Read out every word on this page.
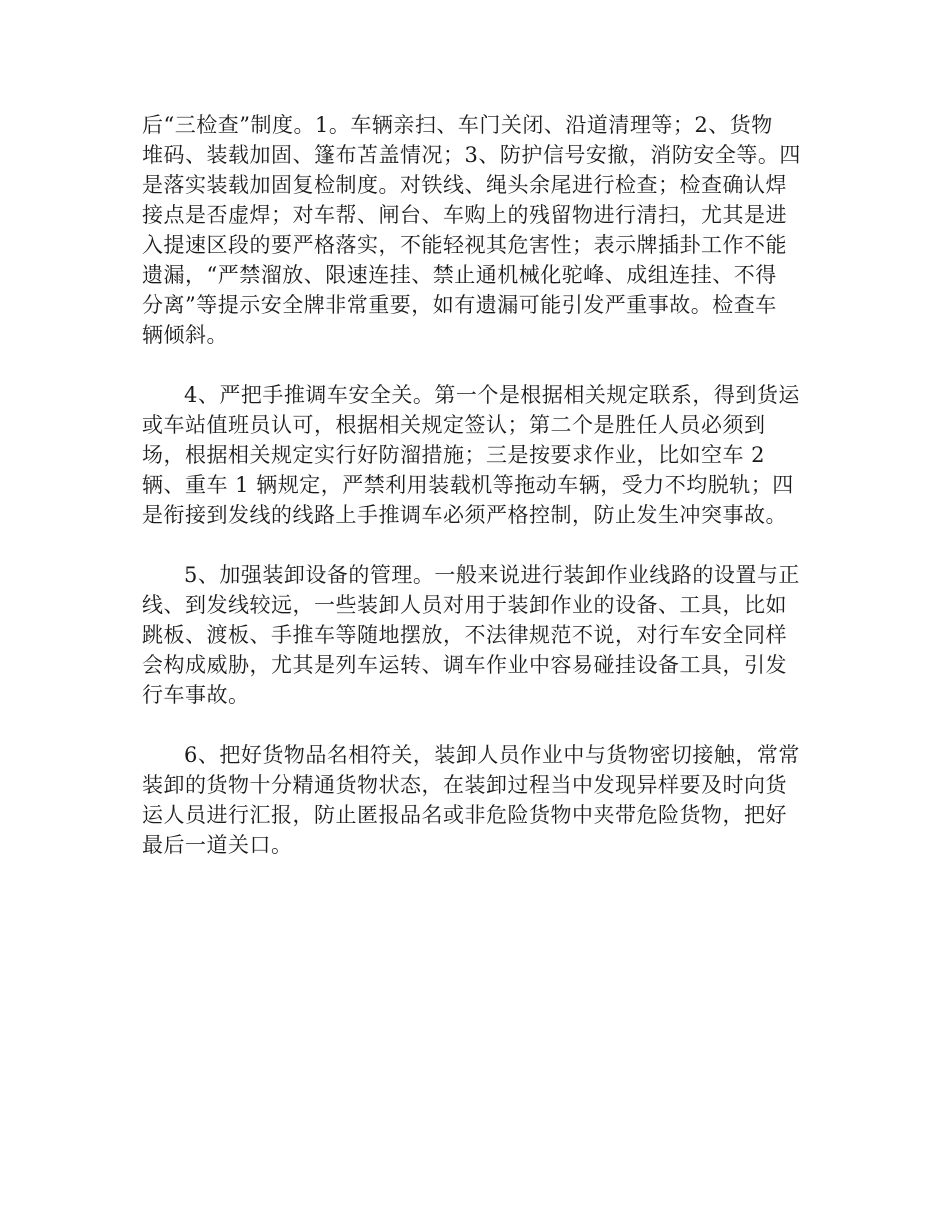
后“三检查”制度。1。车辆亲扫、车门关闭、沿道清理等；2、货物
堆码、装载加固、篷布苫盖情况；3、防护信号安撤，消防安全等。四
是落实装载加固复检制度。对铁线、绳头余尾进行检查；检查确认焊
接点是否虚焊；对车帮、闸台、车购上的残留物进行清扫，尤其是进
入提速区段的要严格落实，不能轻视其危害性；表示牌插卦工作不能
遗漏，“严禁溜放、限速连挂、禁止通机械化驼峰、成组连挂、不得
分离”等提示安全牌非常重要，如有遗漏可能引发严重事故。检查车
辆倾斜。
4、严把手推调车安全关。第一个是根据相关规定联系，得到货运
或车站值班员认可，根据相关规定签认；第二个是胜任人员必须到
场，根据相关规定实行好防溜措施；三是按要求作业，比如空车 2
辆、重车 1 辆规定，严禁利用装载机等拖动车辆，受力不均脱轨；四
是衔接到发线的线路上手推调车必须严格控制，防止发生冲突事故。
5、加强装卸设备的管理。一般来说进行装卸作业线路的设置与正
线、到发线较远，一些装卸人员对用于装卸作业的设备、工具，比如
跳板、渡板、手推车等随地摆放，不法律规范不说，对行车安全同样
会构成威胁，尤其是列车运转、调车作业中容易碰挂设备工具，引发
行车事故。
6、把好货物品名相符关，装卸人员作业中与货物密切接触，常常
装卸的货物十分精通货物状态，在装卸过程当中发现异样要及时向货
运人员进行汇报，防止匿报品名或非危险货物中夹带危险货物，把好
最后一道关口。
